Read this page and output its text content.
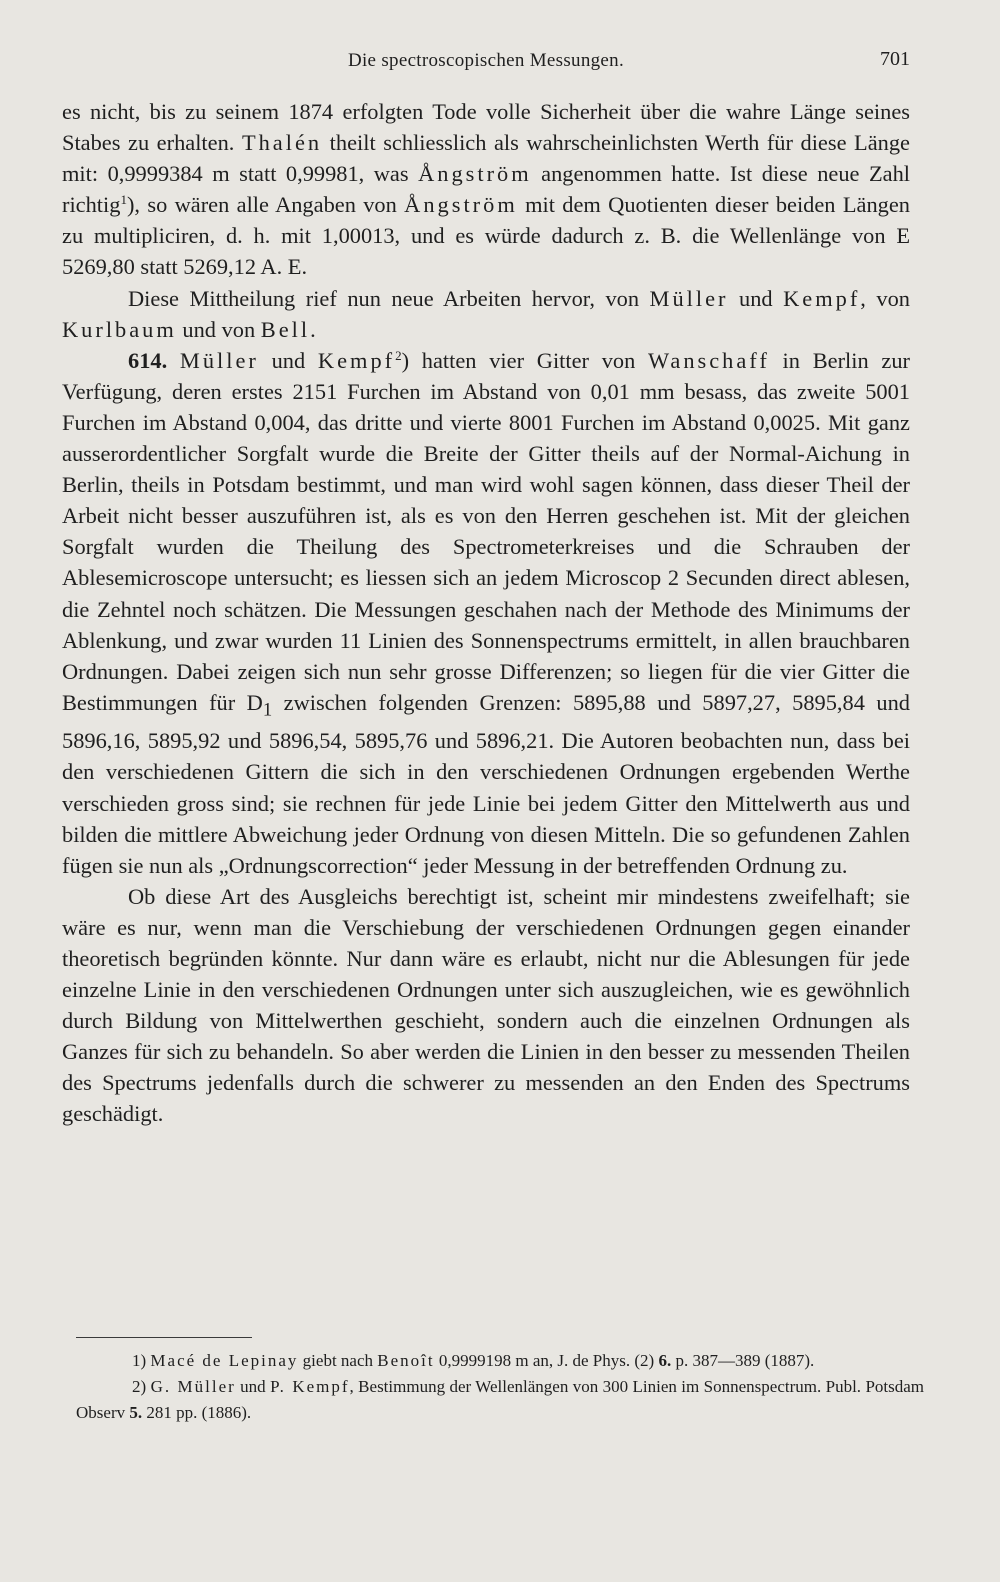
Die spectroscopischen Messungen.	701

es nicht, bis zu seinem 1874 erfolgten Tode volle Sicherheit über die wahre Länge seines Stabes zu erhalten. Thalén theilt schliesslich als wahrscheinlichsten Werth für diese Länge mit: 0,9999384 m statt 0,99981, was Ångström angenommen hatte. Ist diese neue Zahl richtig$^1$), so wären alle Angaben von Ångström mit dem Quotienten dieser beiden Längen zu multipliciren, d. h. mit 1,00013, und es würde dadurch z. B. die Wellenlänge von E 5269,80 statt 5269,12 A. E.

Diese Mittheilung rief nun neue Arbeiten hervor, von Müller und Kempf, von Kurlbaum und von Bell.

614. Müller und Kempf$^2$) hatten vier Gitter von Wanschaff in Berlin zur Verfügung, deren erstes 2151 Furchen im Abstand von 0,01 mm besass, das zweite 5001 Furchen im Abstand 0,004, das dritte und vierte 8001 Furchen im Abstand 0,0025. Mit ganz ausserordentlicher Sorgfalt wurde die Breite der Gitter theils auf der Normal-Aichung in Berlin, theils in Potsdam bestimmt, und man wird wohl sagen können, dass dieser Theil der Arbeit nicht besser auszuführen ist, als es von den Herren geschehen ist. Mit der gleichen Sorgfalt wurden die Theilung des Spectrometerkreises und die Schrauben der Ablesemicroscope untersucht; es liessen sich an jedem Microscop 2 Secunden direct ablesen, die Zehntel noch schätzen. Die Messungen geschahen nach der Methode des Minimums der Ablenkung, und zwar wurden 11 Linien des Sonnenspectrums ermittelt, in allen brauchbaren Ordnungen. Dabei zeigen sich nun sehr grosse Differenzen; so liegen für die vier Gitter die Bestimmungen für $D_1$ zwischen folgenden Grenzen: 5895,88 und 5897,27, 5895,84 und 5896,16, 5895,92 und 5896,54, 5895,76 und 5896,21. Die Autoren beobachten nun, dass bei den verschiedenen Gittern die sich in den verschiedenen Ordnungen ergebenden Werthe verschieden gross sind; sie rechnen für jede Linie bei jedem Gitter den Mittelwerth aus und bilden die mittlere Abweichung jeder Ordnung von diesen Mitteln. Die so gefundenen Zahlen fügen sie nun als „Ordnungscorrection“ jeder Messung in der betreffenden Ordnung zu.

Ob diese Art des Ausgleichs berechtigt ist, scheint mir mindestens zweifelhaft; sie wäre es nur, wenn man die Verschiebung der verschiedenen Ordnungen gegen einander theoretisch begründen könnte. Nur dann wäre es erlaubt, nicht nur die Ablesungen für jede einzelne Linie in den verschiedenen Ordnungen unter sich auszugleichen, wie es gewöhnlich durch Bildung von Mittelwerthen geschieht, sondern auch die einzelnen Ordnungen als Ganzes für sich zu behandeln. So aber werden die Linien in den besser zu messenden Theilen des Spectrums jedenfalls durch die schwerer zu messenden an den Enden des Spectrums geschädigt.

1) Macé de Lepinay giebt nach Benoît 0,9999198 m an, J. de Phys. (2) 6. p. 387—389 (1887).

2) G. Müller und P. Kempf, Bestimmung der Wellenlängen von 300 Linien im Sonnenspectrum. Publ. Potsdam Observ 5. 281 pp. (1886).
